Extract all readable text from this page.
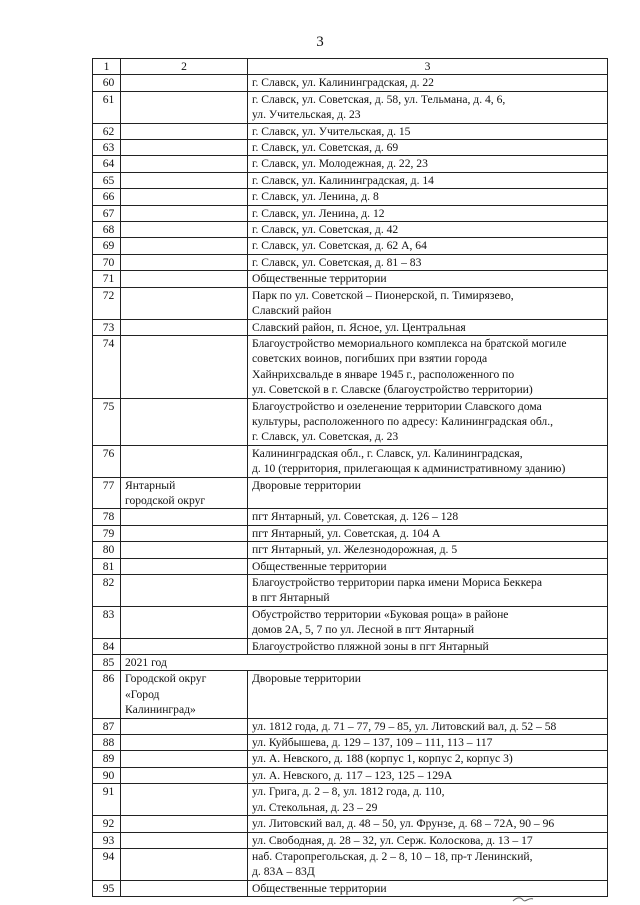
3
1	2	3
60		г. Славск, ул. Калининградская, д. 22
61		г. Славск, ул. Советская, д. 58, ул. Тельмана, д. 4, 6,
ул. Учительская, д. 23
62		г. Славск, ул. Учительская, д. 15
63		г. Славск, ул. Советская, д. 69
64		г. Славск, ул. Молодежная, д. 22, 23
65		г. Славск, ул. Калининградская, д. 14
66		г. Славск, ул. Ленина, д. 8
67		г. Славск, ул. Ленина, д. 12
68		г. Славск, ул. Советская, д. 42
69		г. Славск, ул. Советская, д. 62 А, 64
70		г. Славск, ул. Советская, д. 81 – 83
71		Общественные территории
72		Парк по ул. Советской – Пионерской, п. Тимирязево,
Славский район
73		Славский район, п. Ясное, ул. Центральная
74		Благоустройство мемориального комплекса на братской могиле
советских воинов, погибших при взятии города
Хайнрихсвальде в январе 1945 г., расположенного по
ул. Советской в г. Славске (благоустройство территории)
75		Благоустройство и озеленение территории Славского дома
культуры, расположенного по адресу: Калининградская обл.,
г. Славск, ул. Советская, д. 23
76		Калининградская обл., г. Славск, ул. Калининградская,
д. 10 (территория, прилегающая к административному зданию)
77	Янтарный
городской округ	Дворовые территории
78		пгт Янтарный, ул. Советская, д. 126 – 128
79		пгт Янтарный, ул. Советская, д. 104 А
80		пгт Янтарный, ул. Железнодорожная, д. 5
81		Общественные территории
82		Благоустройство территории парка имени Мориса Беккера
в пгт Янтарный
83		Обустройство территории «Буковая роща» в районе
домов 2А, 5, 7 по ул. Лесной в пгт Янтарный
84		Благоустройство пляжной зоны в пгт Янтарный
85	2021 год	
86	Городской округ
«Город
Калининград»	Дворовые территории
87		ул. 1812 года, д. 71 – 77, 79 – 85, ул. Литовский вал, д. 52 – 58
88		ул. Куйбышева, д. 129 – 137, 109 – 111, 113 – 117
89		ул. А. Невского, д. 188 (корпус 1, корпус 2, корпус 3)
90		ул. А. Невского, д. 117 – 123, 125 – 129А
91		ул. Грига, д. 2 – 8, ул. 1812 года, д. 110,
ул. Стекольная, д. 23 – 29
92		ул. Литовский вал, д. 48 – 50, ул. Фрунзе, д. 68 – 72А, 90 – 96
93		ул. Свободная, д. 28 – 32, ул. Серж. Колоскова, д. 13 – 17
94		наб. Старопрегольская, д. 2 – 8, 10 – 18, пр-т Ленинский,
д. 83А – 83Д
95		Общественные территории
